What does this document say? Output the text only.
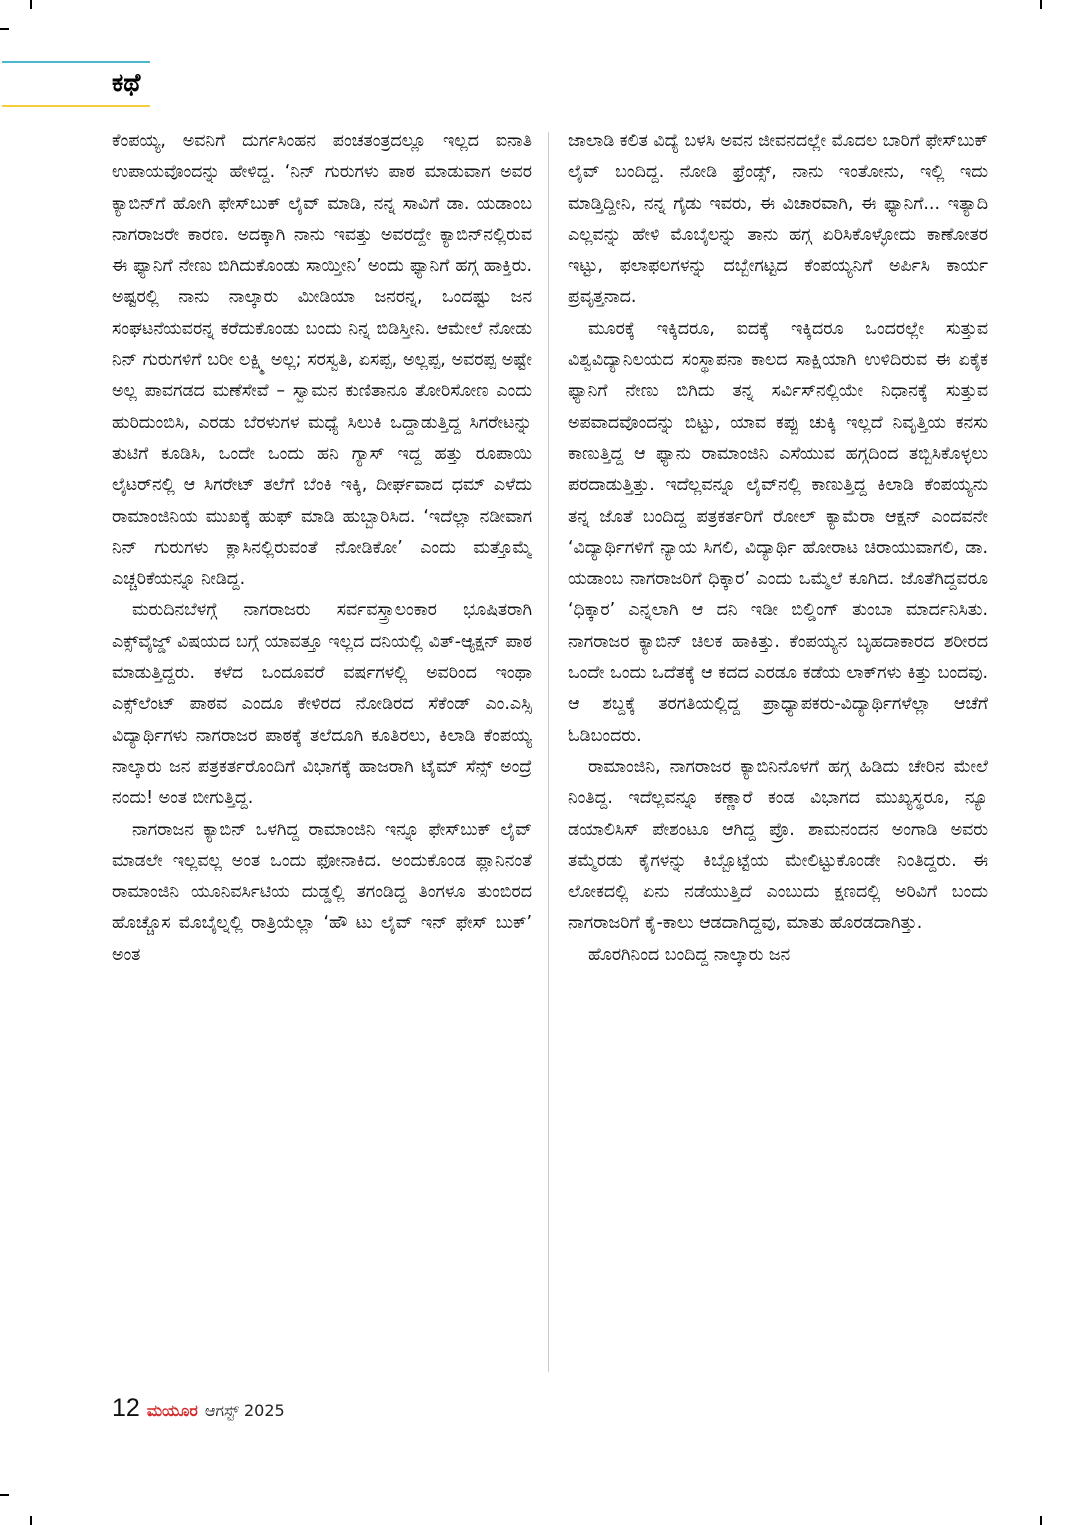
ಕಥೆ

ಕೆಂಪಯ್ಯ, ಅವನಿಗೆ ದುರ್ಗಸಿಂಹನ ಪಂಚತಂತ್ರದಲ್ಲೂ ಇಲ್ಲದ ಐನಾತಿ ಉಪಾಯವೊಂದನ್ನು ಹೇಳಿದ್ದ. ‘ನಿನ್ ಗುರುಗಳು ಪಾಠ ಮಾಡುವಾಗ ಅವರ ಕ್ಯಾಬಿನ್‌ಗೆ ಹೋಗಿ ಫೇಸ್‌ಬುಕ್ ಲೈವ್ ಮಾಡಿ, ನನ್ನ ಸಾವಿಗೆ ಡಾ. ಯಡಾಂಬ ನಾಗರಾಜರೇ ಕಾರಣ. ಅದಕ್ಕಾಗಿ ನಾನು ಇವತ್ತು ಅವರದ್ದೇ ಕ್ಯಾಬಿನ್‌ನಲ್ಲಿರುವ ಈ ಫ್ಯಾನಿಗೆ ನೇಣು ಬಿಗಿದುಕೊಂಡು ಸಾಯ್ತೀನಿ’ ಅಂದು ಫ್ಯಾನಿಗೆ ಹಗ್ಗ ಹಾಕ್ತಿರು. ಅಷ್ಟರಲ್ಲಿ ನಾನು ನಾಲ್ಕಾರು ಮೀಡಿಯಾ ಜನರನ್ನ, ಒಂದಷ್ಟು ಜನ ಸಂಘಟನೆಯವರನ್ನ ಕರೆದುಕೊಂಡು ಬಂದು ನಿನ್ನ ಬಿಡಿಸ್ತೀನಿ. ಆಮೇಲೆ ನೋಡು ನಿನ್ ಗುರುಗಳಿಗೆ ಬರೀ ಲಕ್ಷ್ಮಿ ಅಲ್ಲ; ಸರಸ್ವತಿ, ಏಸಪ್ಪ, ಅಲ್ಲಪ್ಪ, ಅವರಪ್ಪ ಅಷ್ಟೇ ಅಲ್ಲ ಪಾವಗಡದ ಮಣೆಸೇವೆ – ಸ್ವಾಮನ ಕುಣಿತಾನೂ ತೋರಿಸೋಣ ಎಂದು ಹುರಿದುಂಬಿಸಿ, ಎರಡು ಬೆರಳುಗಳ ಮಧ್ಯೆ ಸಿಲುಕಿ ಒದ್ದಾಡುತ್ತಿದ್ದ ಸಿಗರೇಟನ್ನು ತುಟಿಗೆ ಕೂಡಿಸಿ, ಒಂದೇ ಒಂದು ಹನಿ ಗ್ಯಾಸ್ ಇದ್ದ ಹತ್ತು ರೂಪಾಯಿ ಲೈಟರ್‌ನಲ್ಲಿ ಆ ಸಿಗರೇಟ್ ತಲೆಗೆ ಬೆಂಕಿ ಇಕ್ಕಿ, ದೀರ್ಘವಾದ ಧಮ್ ಎಳೆದು ರಾಮಾಂಜಿನಿಯ ಮುಖಕ್ಕೆ ಹುಫ್ ಮಾಡಿ ಹುಬ್ಬಾರಿಸಿದ. ‘ಇದೆಲ್ಲಾ ನಡೀವಾಗ ನಿನ್ ಗುರುಗಳು ಕ್ಲಾಸಿನಲ್ಲಿರುವಂತೆ ನೋಡಿಕೋ’ ಎಂದು ಮತ್ತೊಮ್ಮೆ ಎಚ್ಚರಿಕೆಯನ್ನೂ ನೀಡಿದ್ದ.

ಮರುದಿನಬೆಳಗ್ಗೆ ನಾಗರಾಜರು ಸರ್ವವಸ್ತ್ರಾಲಂಕಾರ ಭೂಷಿತರಾಗಿ ಎಕ್ಸ್‌ವೈಜ್ಡ್ ವಿಷಯದ ಬಗ್ಗೆ ಯಾವತ್ತೂ ಇಲ್ಲದ ದನಿಯಲ್ಲಿ ವಿತ್-ಆ್ಯಕ್ಷನ್ ಪಾಠ ಮಾಡುತ್ತಿದ್ದರು. ಕಳೆದ ಒಂದೂವರೆ ವರ್ಷಗಳಲ್ಲಿ ಅವರಿಂದ ಇಂಥಾ ಎಕ್ಸ್‌ಲೆಂಟ್ ಪಾಠವ ಎಂದೂ ಕೇಳಿರದ ನೋಡಿರದ ಸೆಕೆಂಡ್ ಎಂ.ಎಸ್ಸಿ ವಿದ್ಯಾರ್ಥಿಗಳು ನಾಗರಾಜರ ಪಾಠಕ್ಕೆ ತಲೆದೂಗಿ ಕೂತಿರಲು, ಕಿಲಾಡಿ ಕೆಂಪಯ್ಯ ನಾಲ್ಕಾರು ಜನ ಪತ್ರಕರ್ತರೊಂದಿಗೆ ವಿಭಾಗಕ್ಕೆ ಹಾಜರಾಗಿ ಟೈಮ್ ಸೆನ್ಸ್ ಅಂದ್ರೆ ನಂದು! ಅಂತ ಬೀಗುತ್ತಿದ್ದ.

ನಾಗರಾಜನ ಕ್ಯಾಬಿನ್ ಒಳಗಿದ್ದ ರಾಮಾಂಜಿನಿ ಇನ್ನೂ ಫೇಸ್‌ಬುಕ್ ಲೈವ್ ಮಾಡಲೇ ಇಲ್ಲವಲ್ಲ ಅಂತ ಒಂದು ಫೋನಾಕಿದ. ಅಂದುಕೊಂಡ ಪ್ಲಾನಿನಂತೆ ರಾಮಾಂಜಿನಿ ಯೂನಿವರ್ಸಿಟಿಯ ದುಡ್ಡಲ್ಲಿ ತಗಂಡಿದ್ದ ತಿಂಗಳೂ ತುಂಬಿರದ ಹೊಚ್ಚೊಸ ಮೊಬೈಲ್ನಲ್ಲಿ ರಾತ್ರಿಯೆಲ್ಲಾ ‘ಹೌ ಟು ಲೈವ್ ಇನ್ ಫೇಸ್ ಬುಕ್’ ಅಂತ

ಜಾಲಾಡಿ ಕಲಿತ ವಿದ್ಯೆ ಬಳಸಿ ಅವನ ಜೀವನದಲ್ಲೇ ಮೊದಲ ಬಾರಿಗೆ ಫೇಸ್‌ಬುಕ್ ಲೈವ್ ಬಂದಿದ್ದ. ನೋಡಿ ಫ್ರೆಂಡ್ಸ್, ನಾನು ಇಂತೋನು, ಇಲ್ಲಿ ಇದು ಮಾಡ್ತಿದ್ದೀನಿ, ನನ್ನ ಗೈಡು ಇವರು, ಈ ವಿಚಾರವಾಗಿ, ಈ ಫ್ಯಾನಿಗೆ... ಇತ್ಯಾದಿ ಎಲ್ಲವನ್ನು ಹೇಳಿ ಮೊಬೈಲನ್ನು ತಾನು ಹಗ್ಗ ಏರಿಸಿಕೊಳ್ಳೋದು ಕಾಣೋತರ ಇಟ್ಟು, ಫಲಾಫಲಗಳನ್ನು ದಬ್ಬೇಗಟ್ಟದ ಕೆಂಪಯ್ಯನಿಗೆ ಅರ್ಪಿಸಿ ಕಾರ್ಯ ಪ್ರವೃತ್ತನಾದ.

ಮೂರಕ್ಕೆ ಇಕ್ಕಿದರೂ, ಐದಕ್ಕೆ ಇಕ್ಕಿದರೂ ಒಂದರಲ್ಲೇ ಸುತ್ತುವ ವಿಶ್ವವಿದ್ಯಾನಿಲಯದ ಸಂಸ್ಥಾಪನಾ ಕಾಲದ ಸಾಕ್ಷಿಯಾಗಿ ಉಳಿದಿರುವ ಈ ಏಕೈಕ ಫ್ಯಾನಿಗೆ ನೇಣು ಬಿಗಿದು ತನ್ನ ಸರ್ವಿಸ್‌ನಲ್ಲಿಯೇ ನಿಧಾನಕ್ಕೆ ಸುತ್ತುವ ಅಪವಾದವೊಂದನ್ನು ಬಿಟ್ಟು, ಯಾವ ಕಪ್ಪು ಚುಕ್ಕಿ ಇಲ್ಲದೆ ನಿವೃತ್ತಿಯ ಕನಸು ಕಾಣುತ್ತಿದ್ದ ಆ ಫ್ಯಾನು ರಾಮಾಂಜಿನಿ ಎಸೆಯುವ ಹಗ್ಗದಿಂದ ತಬ್ಬಿಸಿಕೊಳ್ಳಲು ಪರದಾಡುತ್ತಿತ್ತು. ಇದೆಲ್ಲವನ್ನೂ ಲೈವ್‌ನಲ್ಲಿ ಕಾಣುತ್ತಿದ್ದ ಕಿಲಾಡಿ ಕೆಂಪಯ್ಯನು ತನ್ನ ಜೊತೆ ಬಂದಿದ್ದ ಪತ್ರಕರ್ತರಿಗೆ ರೋಲ್ ಕ್ಯಾಮೆರಾ ಆಕ್ಷನ್ ಎಂದವನೇ ‘ವಿದ್ಯಾರ್ಥಿಗಳಿಗೆ ನ್ಯಾಯ ಸಿಗಲಿ, ವಿದ್ಯಾರ್ಥಿ ಹೋರಾಟ ಚಿರಾಯುವಾಗಲಿ, ಡಾ. ಯಡಾಂಬ ನಾಗರಾಜರಿಗೆ ಧಿಕ್ಕಾರ’ ಎಂದು ಒಮ್ಮೆಲೆ ಕೂಗಿದ. ಜೊತೆಗಿದ್ದವರೂ ‘ಧಿಕ್ಕಾರ’ ಎನ್ನಲಾಗಿ ಆ ದನಿ ಇಡೀ ಬಿಲ್ಡಿಂಗ್ ತುಂಬಾ ಮಾರ್ದನಿಸಿತು. ನಾಗರಾಜರ ಕ್ಯಾಬಿನ್ ಚಿಲಕ ಹಾಕಿತ್ತು. ಕೆಂಪಯ್ಯನ ಬೃಹದಾಕಾರದ ಶರೀರದ ಒಂದೇ ಒಂದು ಒದೆತಕ್ಕೆ ಆ ಕದದ ಎರಡೂ ಕಡೆಯ ಲಾಕ್‌ಗಳು ಕಿತ್ತು ಬಂದವು. ಆ ಶಬ್ದಕ್ಕೆ ತರಗತಿಯಲ್ಲಿದ್ದ ಪ್ರಾಧ್ಯಾಪಕರು-ವಿದ್ಯಾರ್ಥಿಗಳೆಲ್ಲಾ ಆಚೆಗೆ ಓಡಿಬಂದರು.

ರಾಮಾಂಜಿನಿ, ನಾಗರಾಜರ ಕ್ಯಾಬಿನಿನೊಳಗೆ ಹಗ್ಗ ಹಿಡಿದು ಚೇರಿನ ಮೇಲೆ ನಿಂತಿದ್ದ. ಇದೆಲ್ಲವನ್ನೂ ಕಣ್ಣಾರೆ ಕಂಡ ವಿಭಾಗದ ಮುಖ್ಯಸ್ಥರೂ, ನ್ಯೂ ಡಯಾಲಿಸಿಸ್ ಪೇಶಂಟೂ ಆಗಿದ್ದ ಪ್ರೊ. ಶಾಮನಂದನ ಅಂಗಾಡಿ ಅವರು ತಮ್ಮೆರಡು ಕೈಗಳನ್ನು ಕಿಬ್ಬೊಟ್ಟೆಯ ಮೇಲಿಟ್ಟುಕೊಂಡೇ ನಿಂತಿದ್ದರು. ಈ ಲೋಕದಲ್ಲಿ ಏನು ನಡೆಯುತ್ತಿದೆ ಎಂಬುದು ಕ್ಷಣದಲ್ಲಿ ಅರಿವಿಗೆ ಬಂದು ನಾಗರಾಜರಿಗೆ ಕೈ-ಕಾಲು ಆಡದಾಗಿದ್ದವು, ಮಾತು ಹೊರಡದಾಗಿತ್ತು.

ಹೊರಗಿನಿಂದ ಬಂದಿದ್ದ ನಾಲ್ಕಾರು ಜನ

12 ಮಯೂರ ಆಗಸ್ಟ್ 2025
